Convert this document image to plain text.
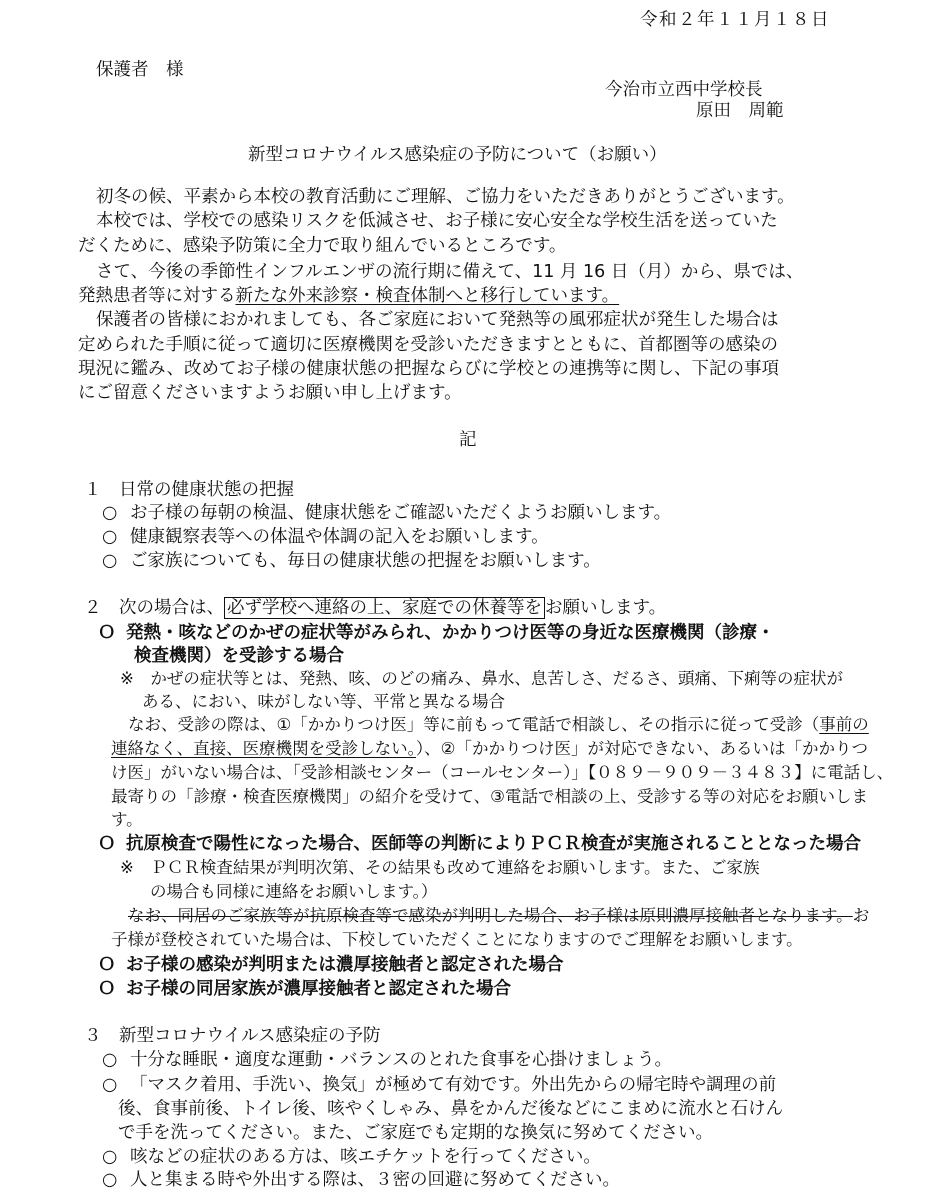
令和２年１１月１８日
保護者　様
今治市立西中学校長
原田　周範
新型コロナウイルス感染症の予防について（お願い）
初冬の候、平素から本校の教育活動にご理解、ご協力をいただきありがとうございます。
本校では、学校での感染リスクを低減させ、お子様に安心安全な学校生活を送っていた
だくために、感染予防策に全力で取り組んでいるところです。
さて、今後の季節性インフルエンザの流行期に備えて、11 月 16 日（月）から、県では、
発熱患者等に対する新たな外来診察・検査体制へと移行しています。
保護者の皆様におかれましても、各ご家庭において発熱等の風邪症状が発生した場合は
定められた手順に従って適切に医療機関を受診いただきますとともに、首都圏等の感染の
現況に鑑み、改めてお子様の健康状態の把握ならびに学校との連携等に関し、下記の事項
にご留意くださいますようお願い申し上げます。
記
１　日常の健康状態の把握
○ お子様の毎朝の検温、健康状態をご確認いただくようお願いします。
○ 健康観察表等への体温や体調の記入をお願いします。
○ ご家族についても、毎日の健康状態の把握をお願いします。
２　次の場合は、 必ず学校へ連絡の上、家庭での休養等を お願いします。
Ｏ 発熱・咳などのかぜの症状等がみられ、かかりつけ医等の身近な医療機関（診療・
検査機関）を受診する場合
※　かぜの症状等とは、発熱、咳、のどの痛み、鼻水、息苦しさ、だるさ、頭痛、下痢等の症状が
ある、におい、味がしない等、平常と異なる場合
なお、受診の際は、①「かかりつけ医」等に前もって電話で相談し、その指示に従って受診（事前の
連絡なく、直接、医療機関を受診しない。）、②「かかりつけ医」が対応できない、あるいは「かかりつ
け医」がいない場合は、「受診相談センター（コールセンター）」【０８９－９０９－３４８３】に電話し、
最寄りの「診療・検査医療機関」の紹介を受けて、③電話で相談の上、受診する等の対応をお願いしま
す。
Ｏ 抗原検査で陽性になった場合、医師等の判断によりＰＣＲ検査が実施されることとなった場合
※　ＰＣＲ検査結果が判明次第、その結果も改めて連絡をお願いします。また、ご家族
の場合も同様に連絡をお願いします。）
なお、同居のご家族等が抗原検査等で感染が判明した場合、お子様は原則濃厚接触者となります。お
子様が登校されていた場合は、下校していただくことになりますのでご理解をお願いします。
Ｏ お子様の感染が判明または濃厚接触者と認定された場合
Ｏ お子様の同居家族が濃厚接触者と認定された場合
３　新型コロナウイルス感染症の予防
○ 十分な睡眠・適度な運動・バランスのとれた食事を心掛けましょう。
○ 「マスク着用、手洗い、換気」が極めて有効です。外出先からの帰宅時や調理の前
後、食事前後、トイレ後、咳やくしゃみ、鼻をかんだ後などにこまめに流水と石けん
で手を洗ってください。また、ご家庭でも定期的な換気に努めてください。
○ 咳などの症状のある方は、咳エチケットを行ってください。
○ 人と集まる時や外出する際は、３密の回避に努めてください。
